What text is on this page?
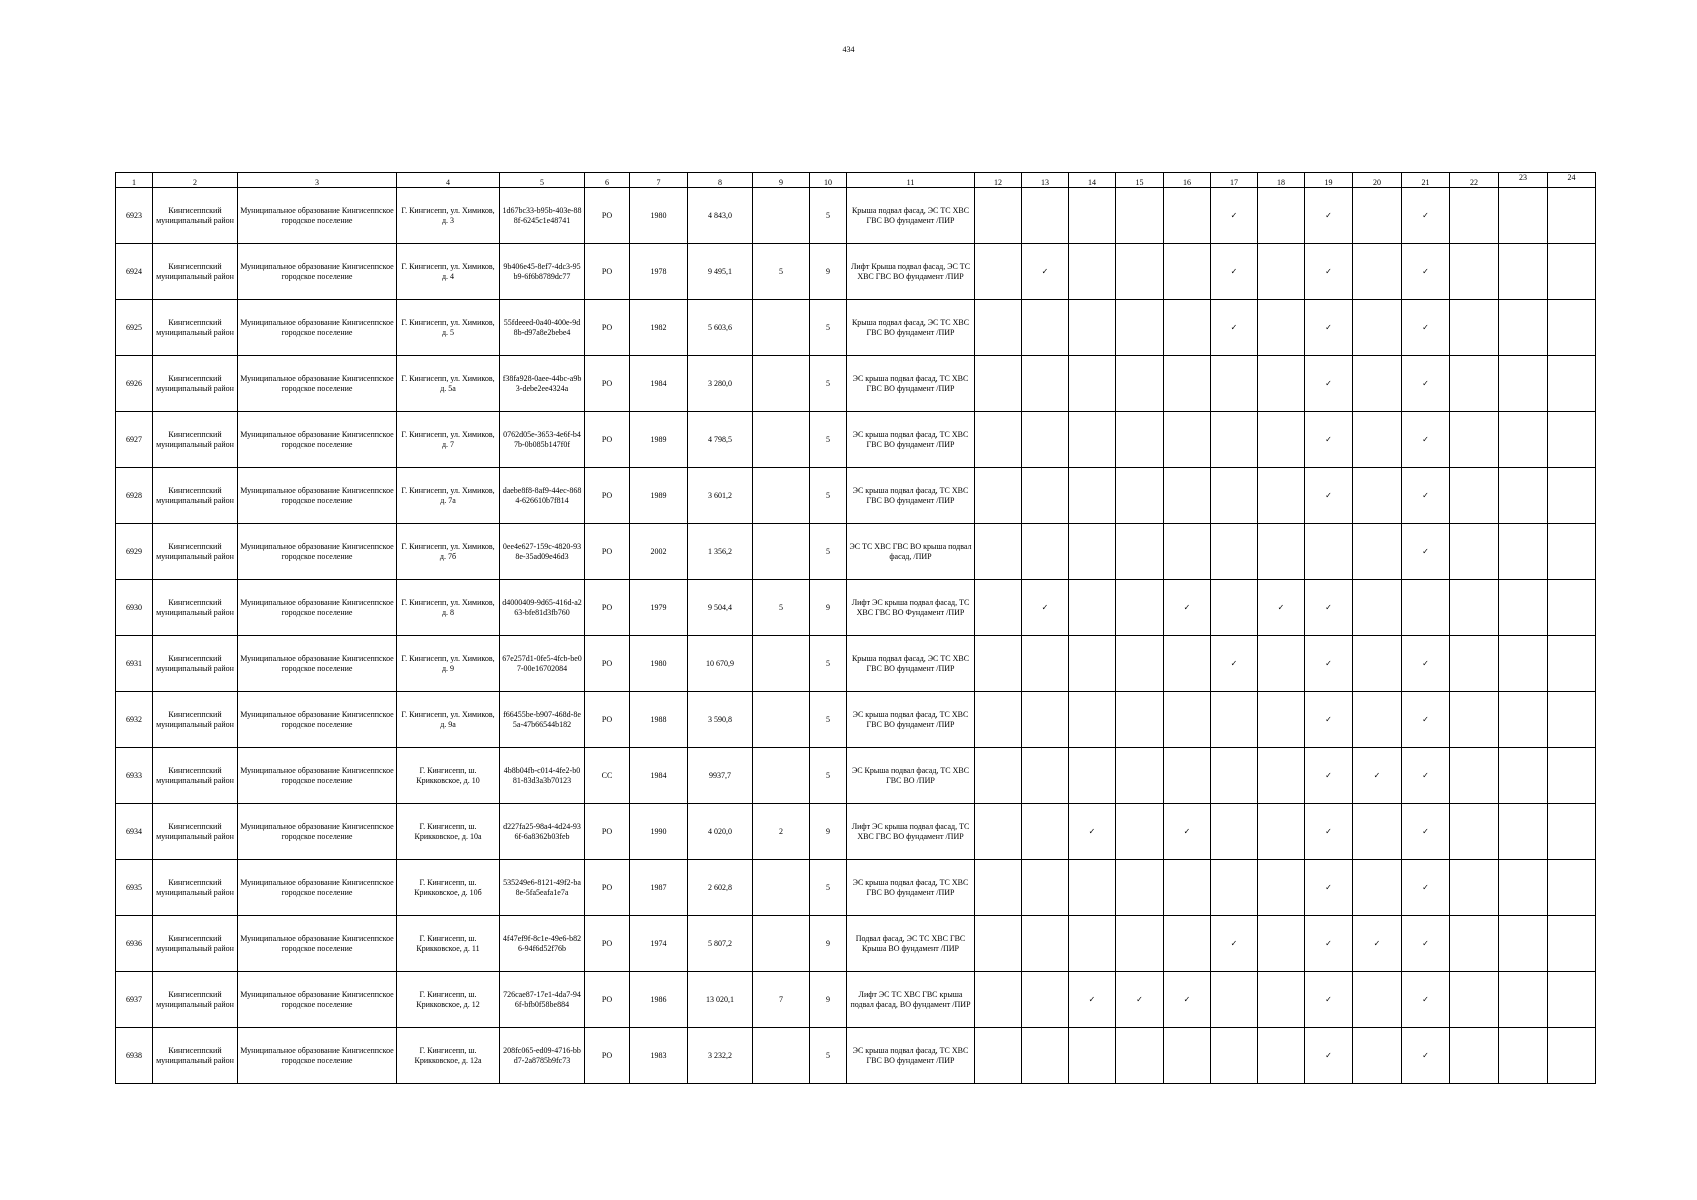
434
1	2	3	4	5	6	7	8	9	10	11	12	13	14	15	16	17	18	19	20	21	22	23	24
6923	Кингисеппский муниципальный район	Муниципальное образование Кингисеппское городское поселение	Г. Кингисепп, ул. Химиков, д. 3	1d67bc33-b95b-403e-888f-6245c1e48741	РО	1980	4 843,0		5	Крыша подвал фасад, ЭС ТС ХВС ГВС ВО фундамент /ПИР						✓		✓		✓			
6924	Кингисеппский муниципальный район	Муниципальное образование Кингисеппское городское поселение	Г. Кингисепп, ул. Химиков, д. 4	9b406e45-8ef7-4dc3-95b9-6f6b8789dc77	РО	1978	9 495,1	5	9	Лифт Крыша подвал фасад, ЭС ТС ХВС ГВС ВО фундамент /ПИР		✓				✓		✓		✓			
6925	Кингисеппский муниципальный район	Муниципальное образование Кингисеппское городское поселение	Г. Кингисепп, ул. Химиков, д. 5	55fdeeed-0a40-400e-9d8b-d97a8e2bebe4	РО	1982	5 603,6		5	Крыша подвал фасад, ЭС ТС ХВС ГВС ВО фундамент /ПИР						✓		✓		✓			
6926	Кингисеппский муниципальный район	Муниципальное образование Кингисеппское городское поселение	Г. Кингисепп, ул. Химиков, д. 5а	f38fa928-0aee-44bc-a9b3-debe2ee4324a	РО	1984	3 280,0		5	ЭС крыша подвал фасад, ТС ХВС ГВС ВО фундамент /ПИР								✓		✓			
6927	Кингисеппский муниципальный район	Муниципальное образование Кингисеппское городское поселение	Г. Кингисепп, ул. Химиков, д. 7	0762d05e-3653-4e6f-b47b-0b085b147f0f	РО	1989	4 798,5		5	ЭС крыша подвал фасад, ТС ХВС ГВС ВО фундамент /ПИР								✓		✓			
6928	Кингисеппский муниципальный район	Муниципальное образование Кингисеппское городское поселение	Г. Кингисепп, ул. Химиков, д. 7а	daebe8f8-8af9-44ec-8684-626610b7f814	РО	1989	3 601,2		5	ЭС крыша подвал фасад, ТС ХВС ГВС ВО фундамент /ПИР								✓		✓			
6929	Кингисеппский муниципальный район	Муниципальное образование Кингисеппское городское поселение	Г. Кингисепп, ул. Химиков, д. 7б	0ee4e627-159c-4820-938e-35ad09e46d3	РО	2002	1 356,2		5	ЭС ТС ХВС ГВС ВО крыша подвал фасад, /ПИР										✓			
6930	Кингисеппский муниципальный район	Муниципальное образование Кингисеппское городское поселение	Г. Кингисепп, ул. Химиков, д. 8	d4000409-9d65-416d-a263-bfe81d3fb760	РО	1979	9 504,4	5	9	Лифт ЭС крыша подвал фасад, ТС ХВС ГВС ВО Фундамент /ПИР		✓			✓		✓	✓					
6931	Кингисеппский муниципальный район	Муниципальное образование Кингисеппское городское поселение	Г. Кингисепп, ул. Химиков, д. 9	67e257d1-0fe5-4fcb-be07-00e16702084	РО	1980	10 670,9		5	Крыша подвал фасад, ЭС ТС ХВС ГВС ВО фундамент /ПИР						✓		✓		✓			
6932	Кингисеппский муниципальный район	Муниципальное образование Кингисеппское городское поселение	Г. Кингисепп, ул. Химиков, д. 9а	f66455be-b907-468d-8e5a-47b66544b182	РО	1988	3 590,8		5	ЭС крыша подвал фасад, ТС ХВС ГВС ВО фундамент /ПИР								✓		✓			
6933	Кингисеппский муниципальный район	Муниципальное образование Кингисеппское городское поселение	Г. Кингисепп, ш. Крикковское, д. 10	4b8b04fb-c014-4fe2-b081-83d3a3b70123	СС	1984	9937,7		5	ЭС Крыша подвал фасад, ТС ХВС ГВС ВО /ПИР								✓	✓	✓			
6934	Кингисеппский муниципальный район	Муниципальное образование Кингисеппское городское поселение	Г. Кингисепп, ш. Крикковское, д. 10а	d227fa25-98a4-4d24-936f-6a8362b03feb	РО	1990	4 020,0	2	9	Лифт ЭС крыша подвал фасад, ТС ХВС ГВС ВО фундамент /ПИР			✓		✓			✓		✓			
6935	Кингисеппский муниципальный район	Муниципальное образование Кингисеппское городское поселение	Г. Кингисепп, ш. Крикковское, д. 10б	535249e6-8121-49f2-ba8e-5fa5eafa1e7a	РО	1987	2 602,8		5	ЭС крыша подвал фасад, ТС ХВС ГВС ВО фундамент /ПИР								✓		✓			
6936	Кингисеппский муниципальный район	Муниципальное образование Кингисеппское городское поселение	Г. Кингисепп, ш. Крикковское, д. 11	4f47ef9f-8c1e-49e6-b826-94f6d52f76b	РО	1974	5 807,2		9	Подвал фасад, ЭС ТС ХВС ГВС Крыша ВО фундамент /ПИР						✓		✓	✓	✓			
6937	Кингисеппский муниципальный район	Муниципальное образование Кингисеппское городское поселение	Г. Кингисепп, ш. Крикковское, д. 12	726cae87-17e1-4da7-946f-bfb0f58be884	РО	1986	13 020,1	7	9	Лифт ЭС ТС ХВС ГВС крыша подвал фасад, ВО фундамент /ПИР			✓	✓	✓			✓		✓			
6938	Кингисеппский муниципальный район	Муниципальное образование Кингисеппское городское поселение	Г. Кингисепп, ш. Крикковское, д. 12а	208fc065-ed09-4716-bbd7-2a8785b9fc73	РО	1983	3 232,2		5	ЭС крыша подвал фасад, ТС ХВС ГВС ВО фундамент /ПИР								✓		✓			
